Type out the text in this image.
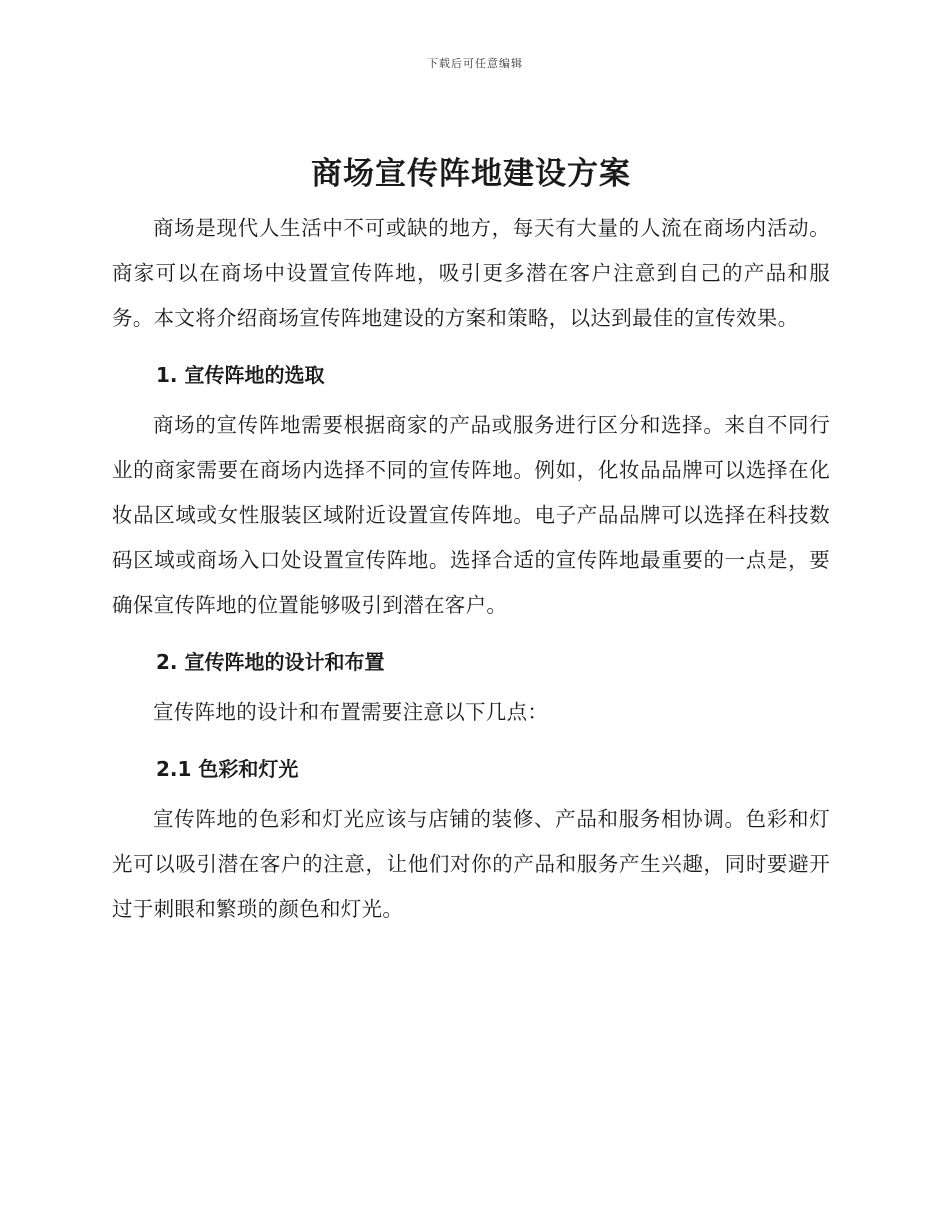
下载后可任意编辑
商场宣传阵地建设方案

商场是现代人生活中不可或缺的地方，每天有大量的人流在商场内活动。商家可以在商场中设置宣传阵地，吸引更多潜在客户注意到自己的产品和服务。本文将介绍商场宣传阵地建设的方案和策略，以达到最佳的宣传效果。

1. 宣传阵地的选取

商场的宣传阵地需要根据商家的产品或服务进行区分和选择。来自不同行业的商家需要在商场内选择不同的宣传阵地。例如，化妆品品牌可以选择在化妆品区域或女性服装区域附近设置宣传阵地。电子产品品牌可以选择在科技数码区域或商场入口处设置宣传阵地。选择合适的宣传阵地最重要的一点是，要确保宣传阵地的位置能够吸引到潜在客户。

2. 宣传阵地的设计和布置

宣传阵地的设计和布置需要注意以下几点：

2.1 色彩和灯光

宣传阵地的色彩和灯光应该与店铺的装修、产品和服务相协调。色彩和灯光可以吸引潜在客户的注意，让他们对你的产品和服务产生兴趣，同时要避开过于刺眼和繁琐的颜色和灯光。
